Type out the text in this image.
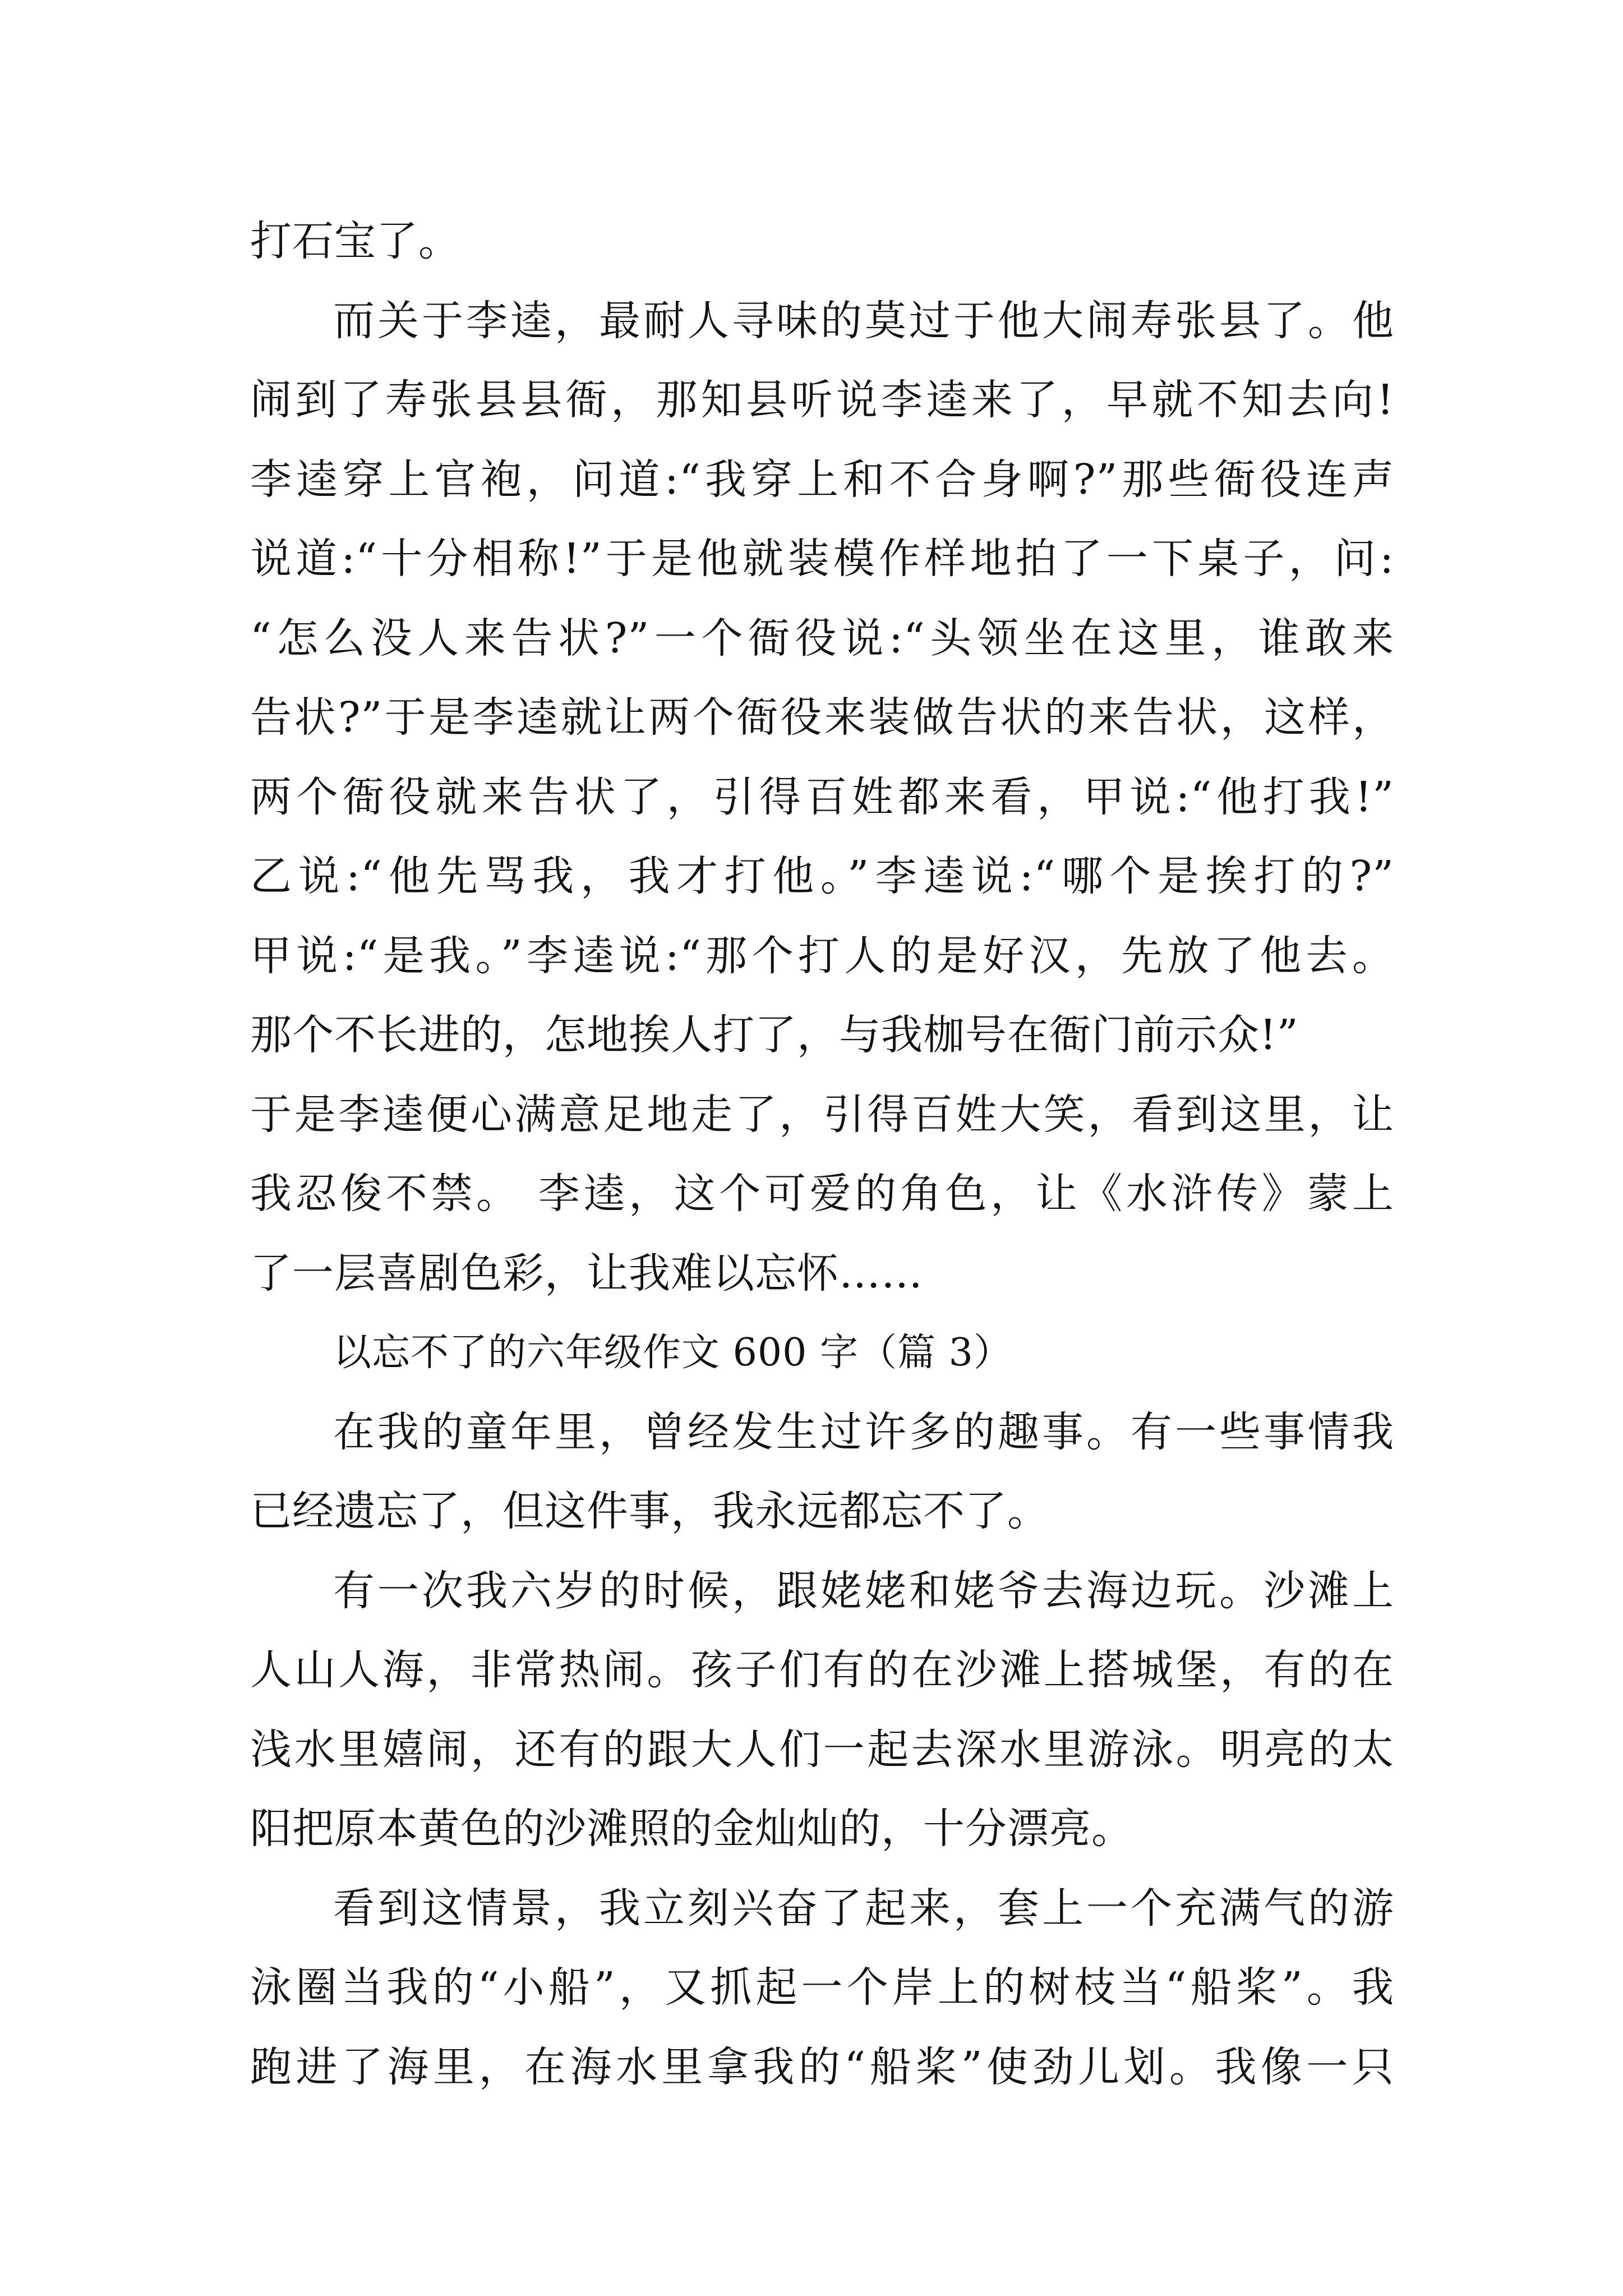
打石宝了。
而关于李逵，最耐人寻味的莫过于他大闹寿张县了。他
闹到了寿张县县衙，那知县听说李逵来了，早就不知去向!
李逵穿上官袍，问道:“我穿上和不合身啊?”那些衙役连声
说道:“十分相称!”于是他就装模作样地拍了一下桌子，问:
“怎么没人来告状?”一个衙役说:“头领坐在这里，谁敢来
告状?”于是李逵就让两个衙役来装做告状的来告状，这样，
两个衙役就来告状了，引得百姓都来看，甲说:“他打我!”
乙说:“他先骂我，我才打他。”李逵说:“哪个是挨打的?”
甲说:“是我。”李逵说:“那个打人的是好汉，先放了他去。
那个不长进的，怎地挨人打了，与我枷号在衙门前示众!”
于是李逵便心满意足地走了，引得百姓大笑，看到这里，让
我忍俊不禁。 李逵，这个可爱的角色，让《水浒传》蒙上
了一层喜剧色彩，让我难以忘怀……
以忘不了的六年级作文 600 字（篇 3）
在我的童年里，曾经发生过许多的趣事。有一些事情我
已经遗忘了，但这件事，我永远都忘不了。
有一次我六岁的时候，跟姥姥和姥爷去海边玩。沙滩上
人山人海，非常热闹。孩子们有的在沙滩上搭城堡，有的在
浅水里嬉闹，还有的跟大人们一起去深水里游泳。明亮的太
阳把原本黄色的沙滩照的金灿灿的，十分漂亮。
看到这情景，我立刻兴奋了起来，套上一个充满气的游
泳圈当我的“小船”，又抓起一个岸上的树枝当“船桨”。我
跑进了海里，在海水里拿我的“船桨”使劲儿划。我像一只
